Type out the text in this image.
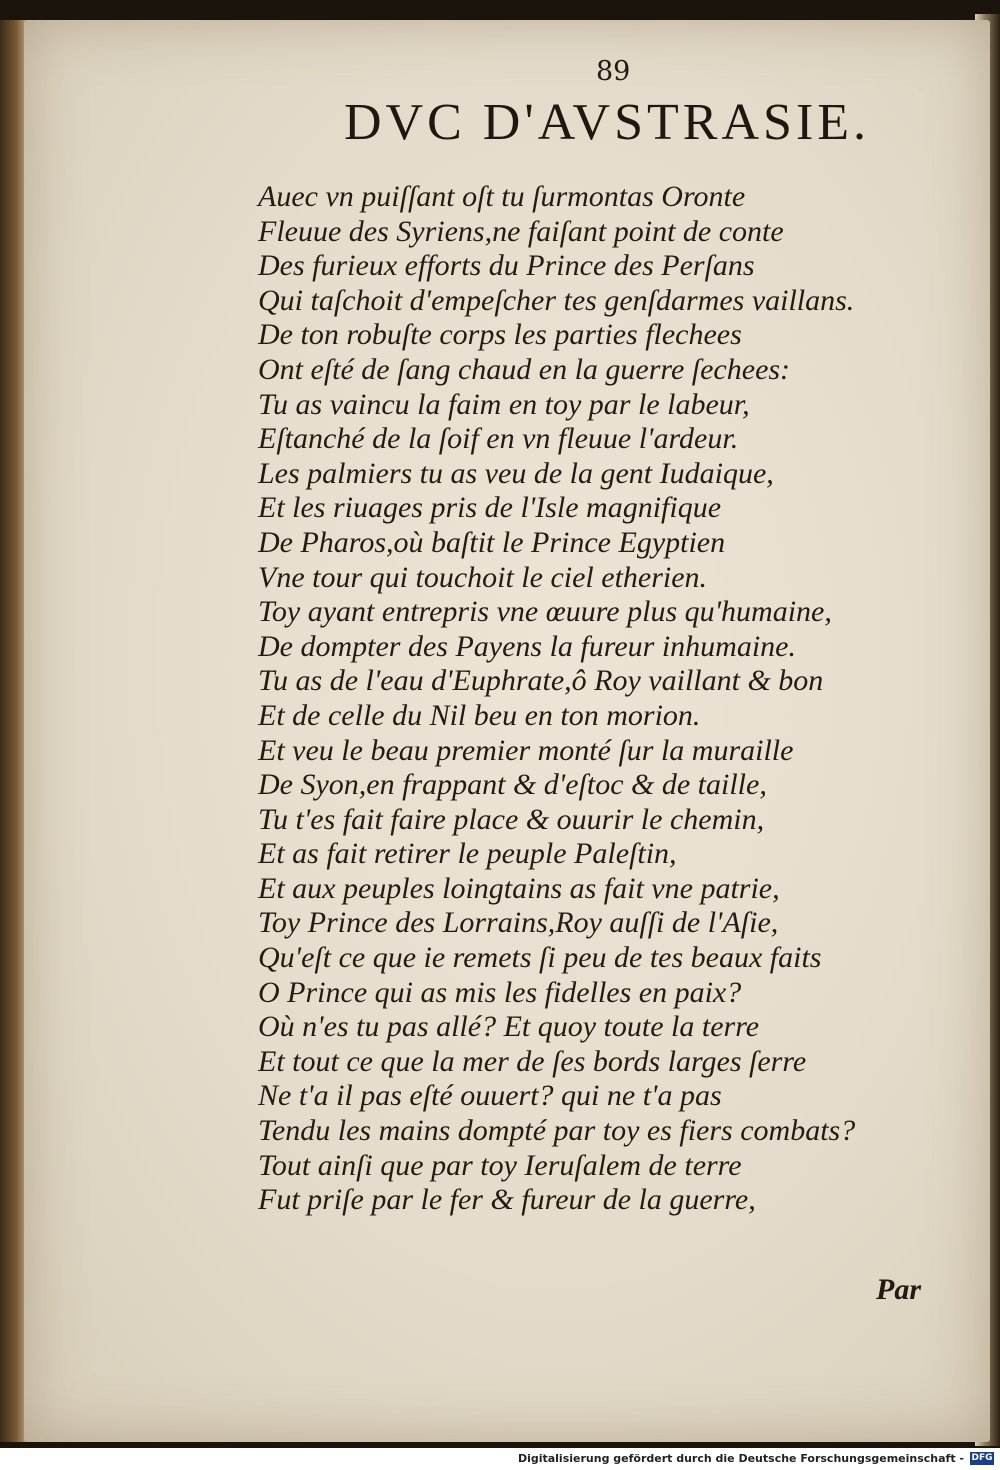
89
DVC D'AVSTRASIE.
Auec vn puiſſant oſt tu ſurmontas Oronte
Fleuue des Syriens,ne faiſant point de conte
Des furieux efforts du Prince des Perſans
Qui taſchoit d'empeſcher tes genſdarmes vaillans.
De ton robuſte corps les parties flechees
Ont eſté de ſang chaud en la guerre ſechees:
Tu as vaincu la faim en toy par le labeur,
Eſtanché de la ſoif en vn fleuue l'ardeur.
Les palmiers tu as veu de la gent Iudaique,
Et les riuages pris de l'Isle magnifique
De Pharos,où baſtit le Prince Egyptien
Vne tour qui touchoit le ciel etherien.
Toy ayant entrepris vne œuure plus qu'humaine,
De dompter des Payens la fureur inhumaine.
Tu as de l'eau d'Euphrate,ô Roy vaillant & bon
Et de celle du Nil beu en ton morion.
Et veu le beau premier monté ſur la muraille
De Syon,en frappant & d'eſtoc & de taille,
Tu t'es fait faire place & ouurir le chemin,
Et as fait retirer le peuple Paleſtin,
Et aux peuples loingtains as fait vne patrie,
Toy Prince des Lorrains,Roy auſſi de l'Aſie,
Qu'eſt ce que ie remets ſi peu de tes beaux faits
O Prince qui as mis les fidelles en paix?
Où n'es tu pas allé? Et quoy toute la terre
Et tout ce que la mer de ſes bords larges ſerre
Ne t'a il pas eſté ouuert? qui ne t'a pas
Tendu les mains dompté par toy es fiers combats?
Tout ainſi que par toy Ieruſalem de terre
Fut priſe par le fer & fureur de la guerre,
Par
Digitalisierung gefördert durch die Deutsche Forschungsgemeinschaft - DFG
